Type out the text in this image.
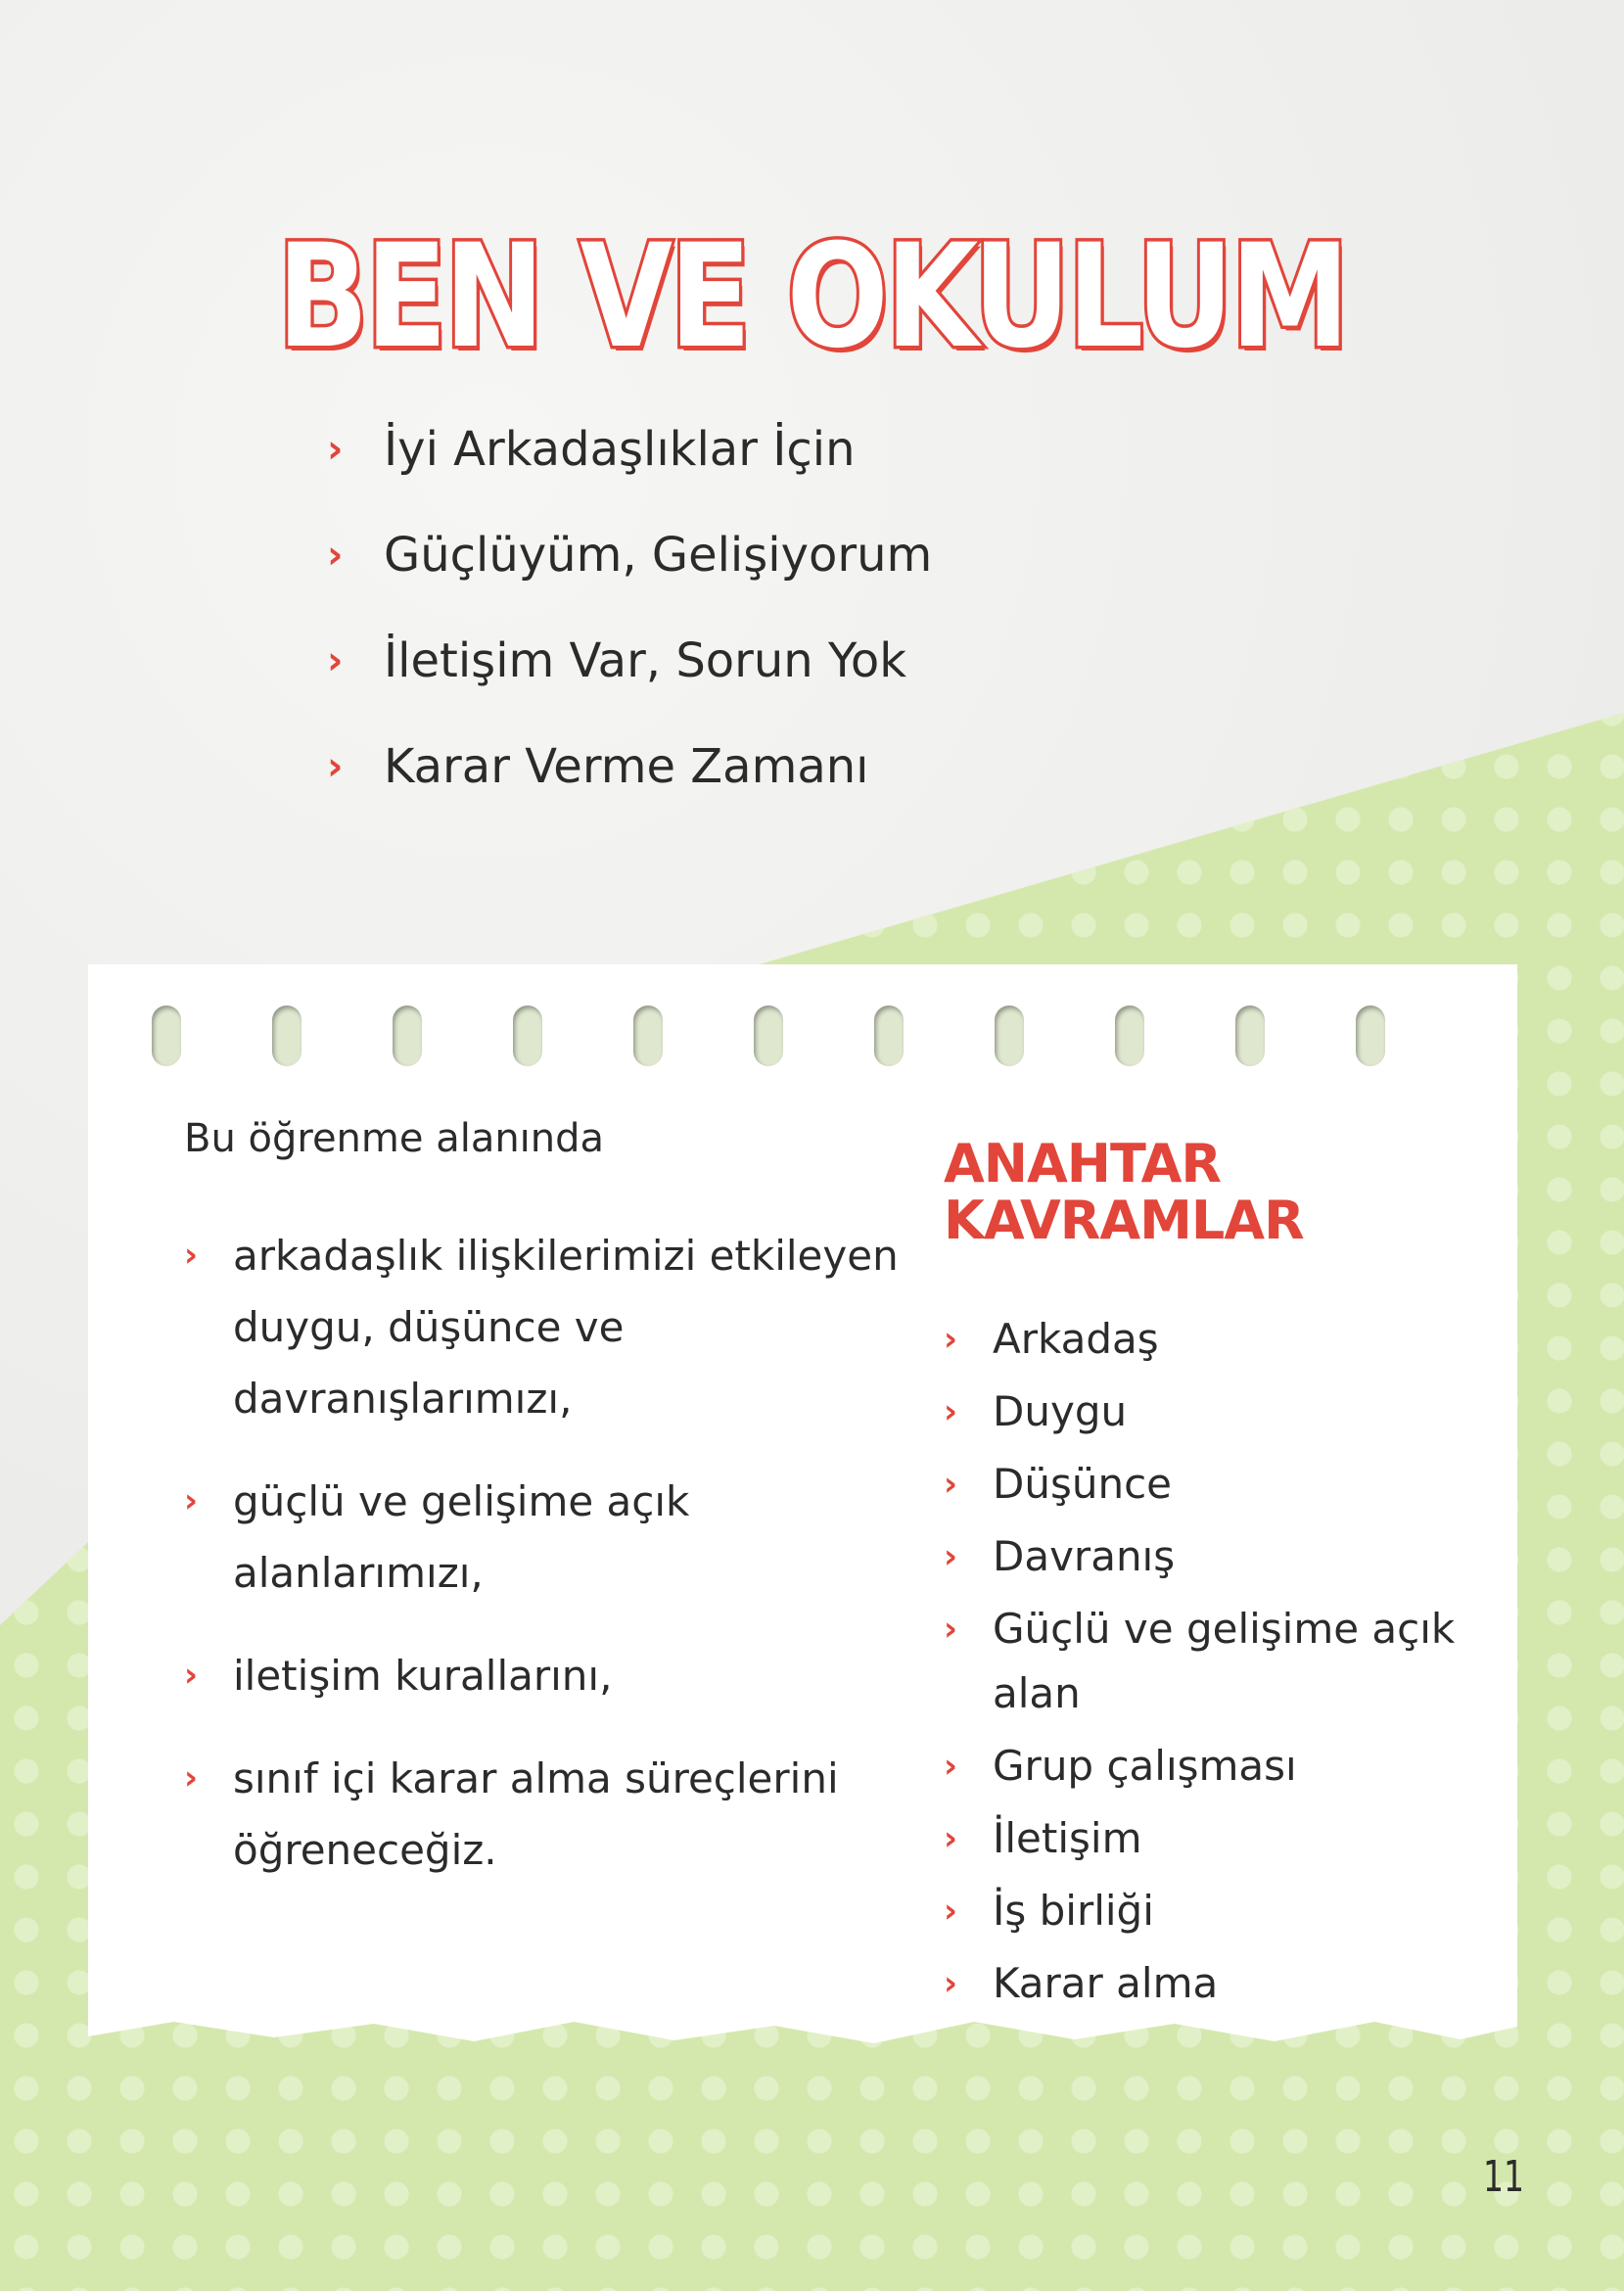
BEN VE OKULUM
› İyi Arkadaşlıklar İçin
› Güçlüyüm, Gelişiyorum
› İletişim Var, Sorun Yok
› Karar Verme Zamanı

Bu öğrenme alanında

› arkadaşlık ilişkilerimizi etkileyen duygu, düşünce ve davranışlarımızı,
› güçlü ve gelişime açık alanlarımızı,
› iletişim kurallarını,
› sınıf içi karar alma süreçlerini öğreneceğiz.
ANAHTAR
KAVRAMLAR
› Arkadaş
› Duygu
› Düşünce
› Davranış
› Güçlü ve gelişime açık alan
› Grup çalışması
› İletişim
› İş birliği
› Karar alma
11
